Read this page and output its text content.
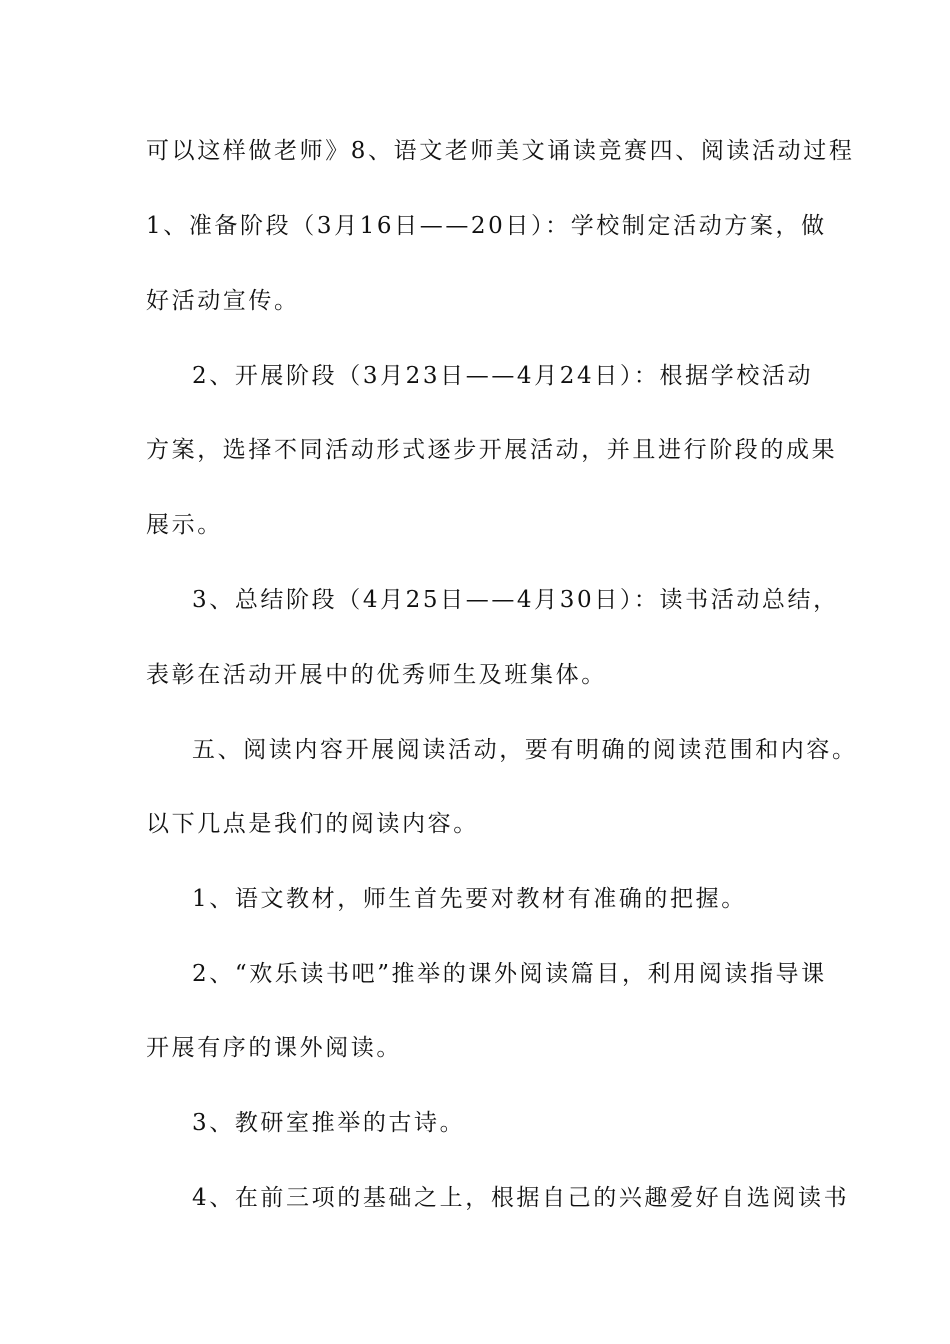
可以这样做老师》8、语文老师美文诵读竞赛四、阅读活动过程
1、准备阶段（3月16日——20日）：学校制定活动方案，做
好活动宣传。
2、开展阶段（3月23日——4月24日）：根据学校活动
方案，选择不同活动形式逐步开展活动，并且进行阶段的成果
展示。
3、总结阶段（4月25日——4月30日）：读书活动总结，
表彰在活动开展中的优秀师生及班集体。
五、阅读内容开展阅读活动，要有明确的阅读范围和内容。
以下几点是我们的阅读内容。
1、语文教材，师生首先要对教材有准确的把握。
2、“欢乐读书吧”推举的课外阅读篇目，利用阅读指导课
开展有序的课外阅读。
3、教研室推举的古诗。
4、在前三项的基础之上，根据自己的兴趣爱好自选阅读书
